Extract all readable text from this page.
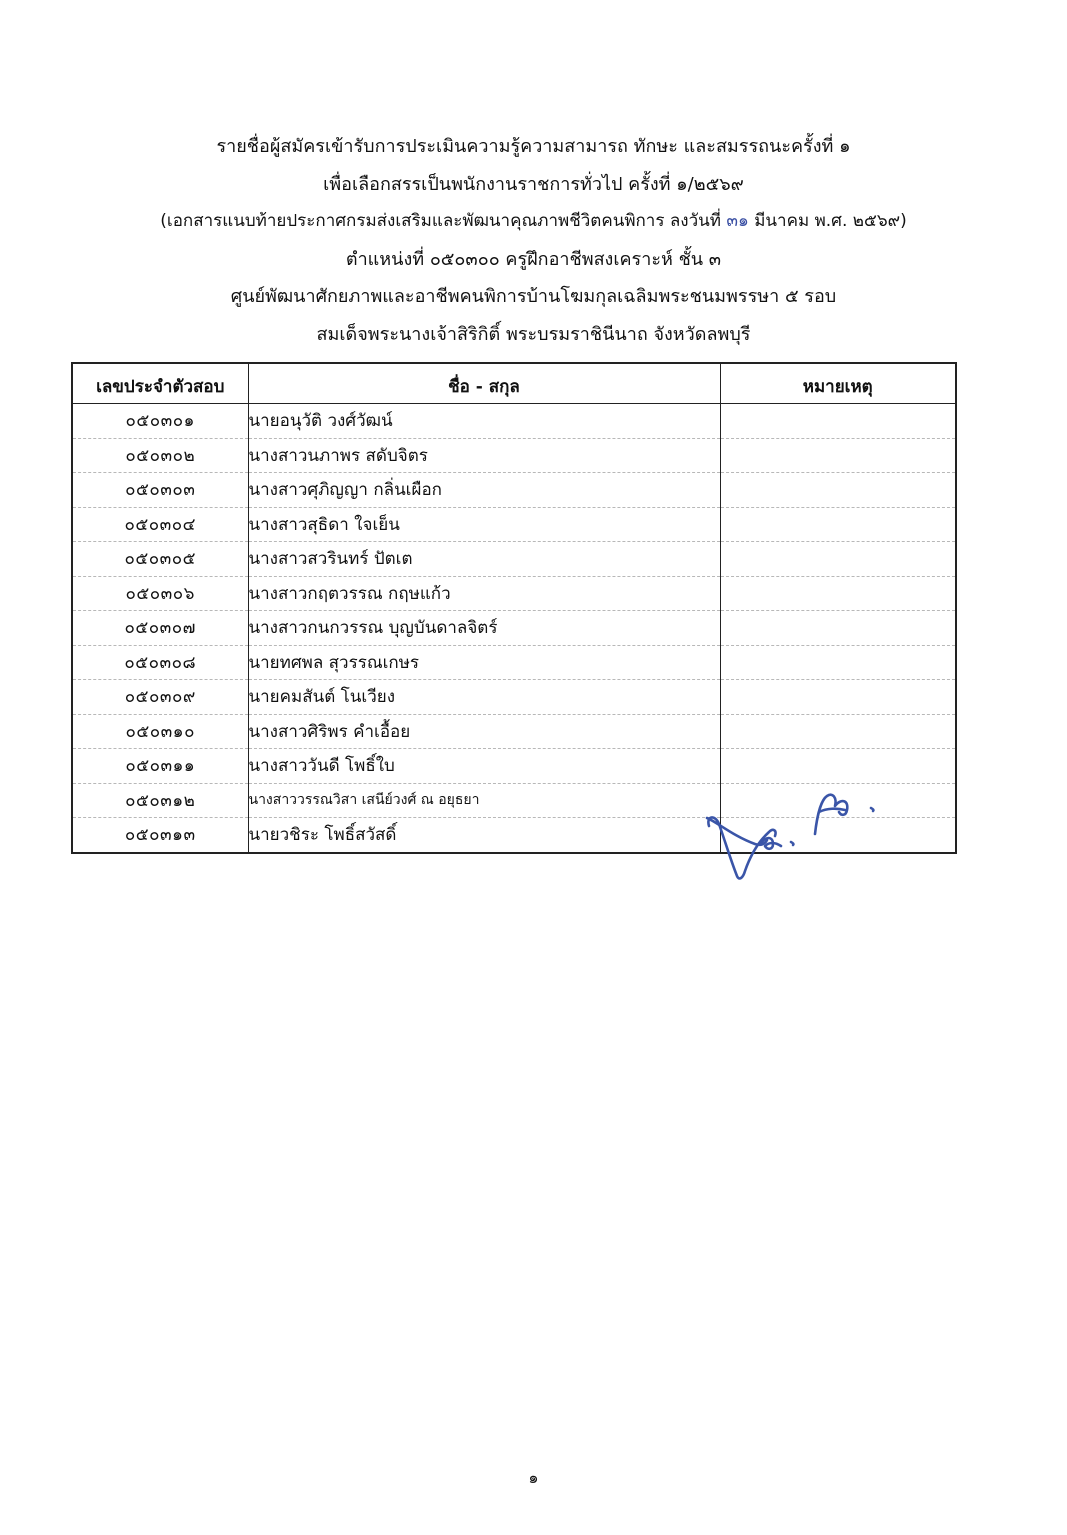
รายชื่อผู้สมัครเข้ารับการประเมินความรู้ความสามารถ ทักษะ และสมรรถนะครั้งที่ ๑
เพื่อเลือกสรรเป็นพนักงานราชการทั่วไป ครั้งที่ ๑/๒๕๖๙
(เอกสารแนบท้ายประกาศกรมส่งเสริมและพัฒนาคุณภาพชีวิตคนพิการ ลงวันที่ ๓๑ มีนาคม พ.ศ. ๒๕๖๙)
ตำแหน่งที่ ๐๕๐๓๐๐ ครูฝึกอาชีพสงเคราะห์ ชั้น ๓
ศูนย์พัฒนาศักยภาพและอาชีพคนพิการบ้านโฆมกุลเฉลิมพระชนมพรรษา ๕ รอบ
สมเด็จพระนางเจ้าสิริกิติ์ พระบรมราชินีนาถ จังหวัดลพบุรี
เลขประจำตัวสอบ	ชื่อ - สกุล	หมายเหตุ
๐๕๐๓๐๑	นายอนุวัติ วงศ์วัฒน์	
๐๕๐๓๐๒	นางสาวนภาพร สดับจิตร	
๐๕๐๓๐๓	นางสาวศุภิญญา กลิ่นเผือก	
๐๕๐๓๐๔	นางสาวสุธิดา ใจเย็น	
๐๕๐๓๐๕	นางสาวสวรินทร์ ปัตเต	
๐๕๐๓๐๖	นางสาวกฤตวรรณ กฤษแก้ว	
๐๕๐๓๐๗	นางสาวกนกวรรณ บุญบันดาลจิตร์	
๐๕๐๓๐๘	นายทศพล สุวรรณเกษร	
๐๕๐๓๐๙	นายคมสันต์ โนเวียง	
๐๕๐๓๑๐	นางสาวศิริพร คำเอื้อย	
๐๕๐๓๑๑	นางสาววันดี โพธิ์ใบ	
๐๕๐๓๑๒	นางสาววรรณวิสา เสนีย์วงศ์ ณ อยุธยา	
๐๕๐๓๑๓	นายวชิระ โพธิ์สวัสดิ์	
๑
